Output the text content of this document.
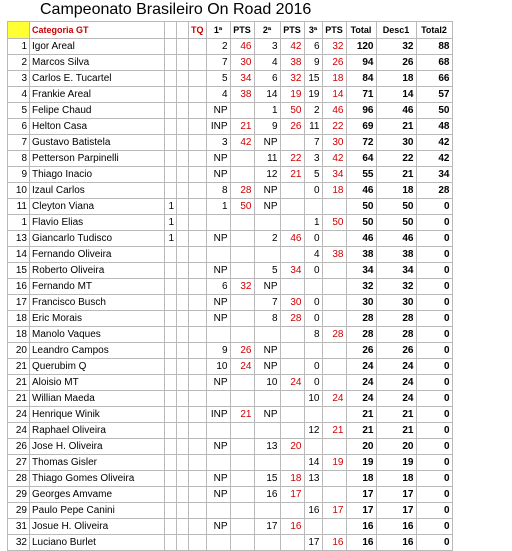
Campeonato Brasileiro On Road 2016
	Categoria GT			TQ	1ª	PTS	2ª	PTS	3ª	PTS	Total	Desc1	Total2
1	Igor Areal				2	46	3	42	6	32	120	32	88
2	Marcos Silva				7	30	4	38	9	26	94	26	68
3	Carlos E. Tucartel				5	34	6	32	15	18	84	18	66
4	Frankie Areal				4	38	14	19	19	14	71	14	57
5	Felipe Chaud				NP		1	50	2	46	96	46	50
6	Helton Casa				INP	21	9	26	11	22	69	21	48
7	Gustavo Batistela				3	42	NP		7	30	72	30	42
8	Petterson Parpinelli				NP		11	22	3	42	64	22	42
9	Thiago Inacio				NP		12	21	5	34	55	21	34
10	Izaul Carlos				8	28	NP		0	18	46	18	28
11	Cleyton Viana	1			1	50	NP				50	50	0
1	Flavio Elias	1							1	50	50	50	0
13	Giancarlo Tudisco	1			NP		2	46	0		46	46	0
14	Fernando Oliveira								4	38	38	38	0
15	Roberto Oliveira				NP		5	34	0		34	34	0
16	Fernando MT				6	32	NP				32	32	0
17	Francisco Busch				NP		7	30	0		30	30	0
18	Eric Morais				NP		8	28	0		28	28	0
18	Manolo Vaques								8	28	28	28	0
20	Leandro Campos				9	26	NP				26	26	0
21	Querubim Q				10	24	NP		0		24	24	0
21	Aloisio MT				NP		10	24	0		24	24	0
21	Willian Maeda								10	24	24	24	0
24	Henrique Winik				INP	21	NP				21	21	0
24	Raphael Oliveira								12	21	21	21	0
26	Jose H. Oliveira				NP		13	20			20	20	0
27	Thomas Gisler								14	19	19	19	0
28	Thiago Gomes Oliveira				NP		15	18	13		18	18	0
29	Georges Amvame				NP		16	17			17	17	0
29	Paulo Pepe Canini								16	17	17	17	0
31	Josue H. Oliveira				NP		17	16			16	16	0
32	Luciano Burlet								17	16	16	16	0
